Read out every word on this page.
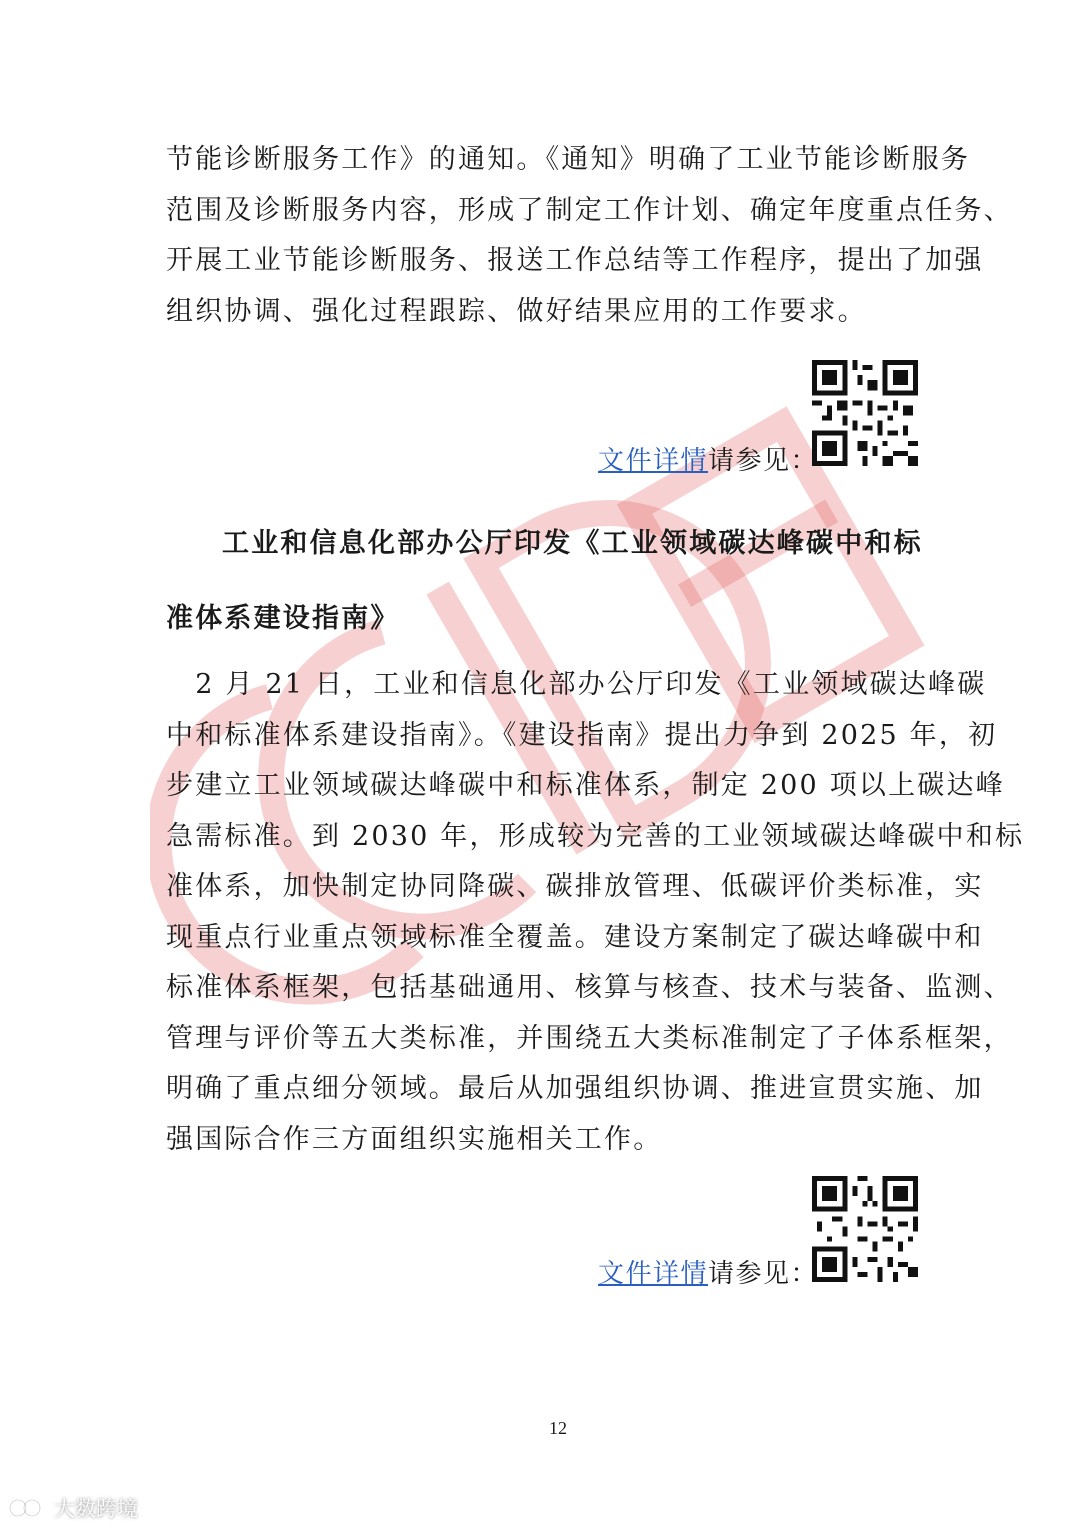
节能诊断服务工作》的通知。《通知》明确了工业节能诊断服务
范围及诊断服务内容，形成了制定工作计划、确定年度重点任务、
开展工业节能诊断服务、报送工作总结等工作程序，提出了加强
组织协调、强化过程跟踪、做好结果应用的工作要求。

文件详情请参见：
工业和信息化部办公厅印发《工业领域碳达峰碳中和标
准体系建设指南》

　2 月 21 日，工业和信息化部办公厅印发《工业领域碳达峰碳
中和标准体系建设指南》。《建设指南》提出力争到 2025 年，初
步建立工业领域碳达峰碳中和标准体系，制定 200 项以上碳达峰
急需标准。到 2030 年，形成较为完善的工业领域碳达峰碳中和标
准体系，加快制定协同降碳、碳排放管理、低碳评价类标准，实
现重点行业重点领域标准全覆盖。建设方案制定了碳达峰碳中和
标准体系框架，包括基础通用、核算与核查、技术与装备、监测、
管理与评价等五大类标准，并围绕五大类标准制定了子体系框架，
明确了重点细分领域。最后从加强组织协调、推进宣贯实施、加
强国际合作三方面组织实施相关工作。

文件详情请参见：
12
大数跨境
